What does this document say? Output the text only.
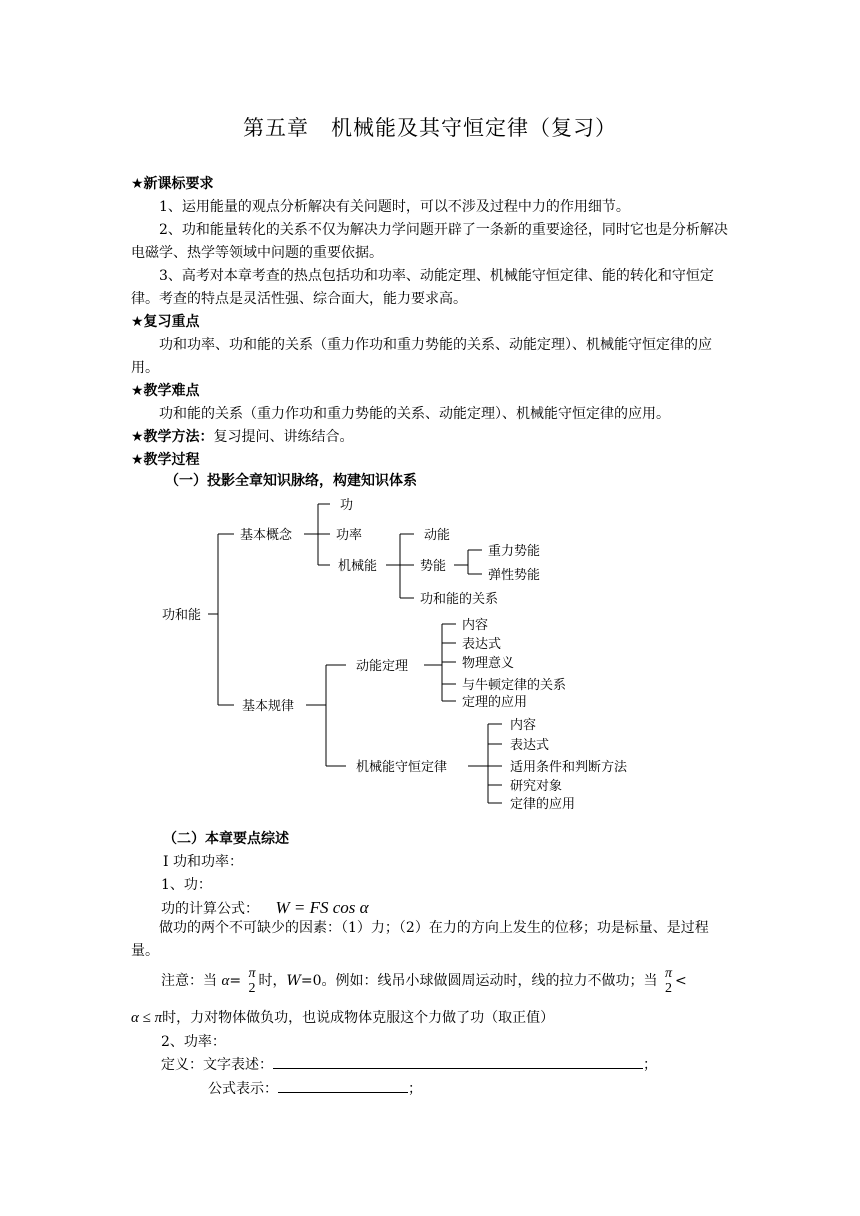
第五章　机械能及其守恒定律（复习）
★新课标要求
1、运用能量的观点分析解决有关问题时，可以不涉及过程中力的作用细节。
2、功和能量转化的关系不仅为解决力学问题开辟了一条新的重要途径，同时它也是分析解决电磁学、热学等领域中问题的重要依据。
3、高考对本章考查的热点包括功和功率、动能定理、机械能守恒定律、能的转化和守恒定律。考查的特点是灵活性强、综合面大，能力要求高。
★复习重点
功和功率、功和能的关系（重力作功和重力势能的关系、动能定理）、机械能守恒定律的应用。
★教学难点
功和能的关系（重力作功和重力势能的关系、动能定理）、机械能守恒定律的应用。
★教学方法：复习提问、讲练结合。
★教学过程
（一）投影全章知识脉络，构建知识体系
功和能
基本概念
功
功率
机械能
动能
势能
重力势能
弹性势能
功和能的关系
基本规律
动能定理
内容
表达式
物理意义
与牛顿定律的关系
定理的应用
机械能守恒定律
内容
表达式
适用条件和判断方法
研究对象
定律的应用
（二）本章要点综述
Ⅰ 功和功率：
1、功：
功的计算公式： W = FS cos α
做功的两个不可缺少的因素：（1）力；（2）在力的方向上发生的位移；功是标量、是过程量。
注意：当 α= π
2 时，W=0。例如：线吊小球做圆周运动时，线的拉力不做功；当 π
2 <
α ≤ π时，力对物体做负功，也说成物体克服这个力做了功（取正值）
2、功率：
定义：文字表述：	；
公式表示：	；
